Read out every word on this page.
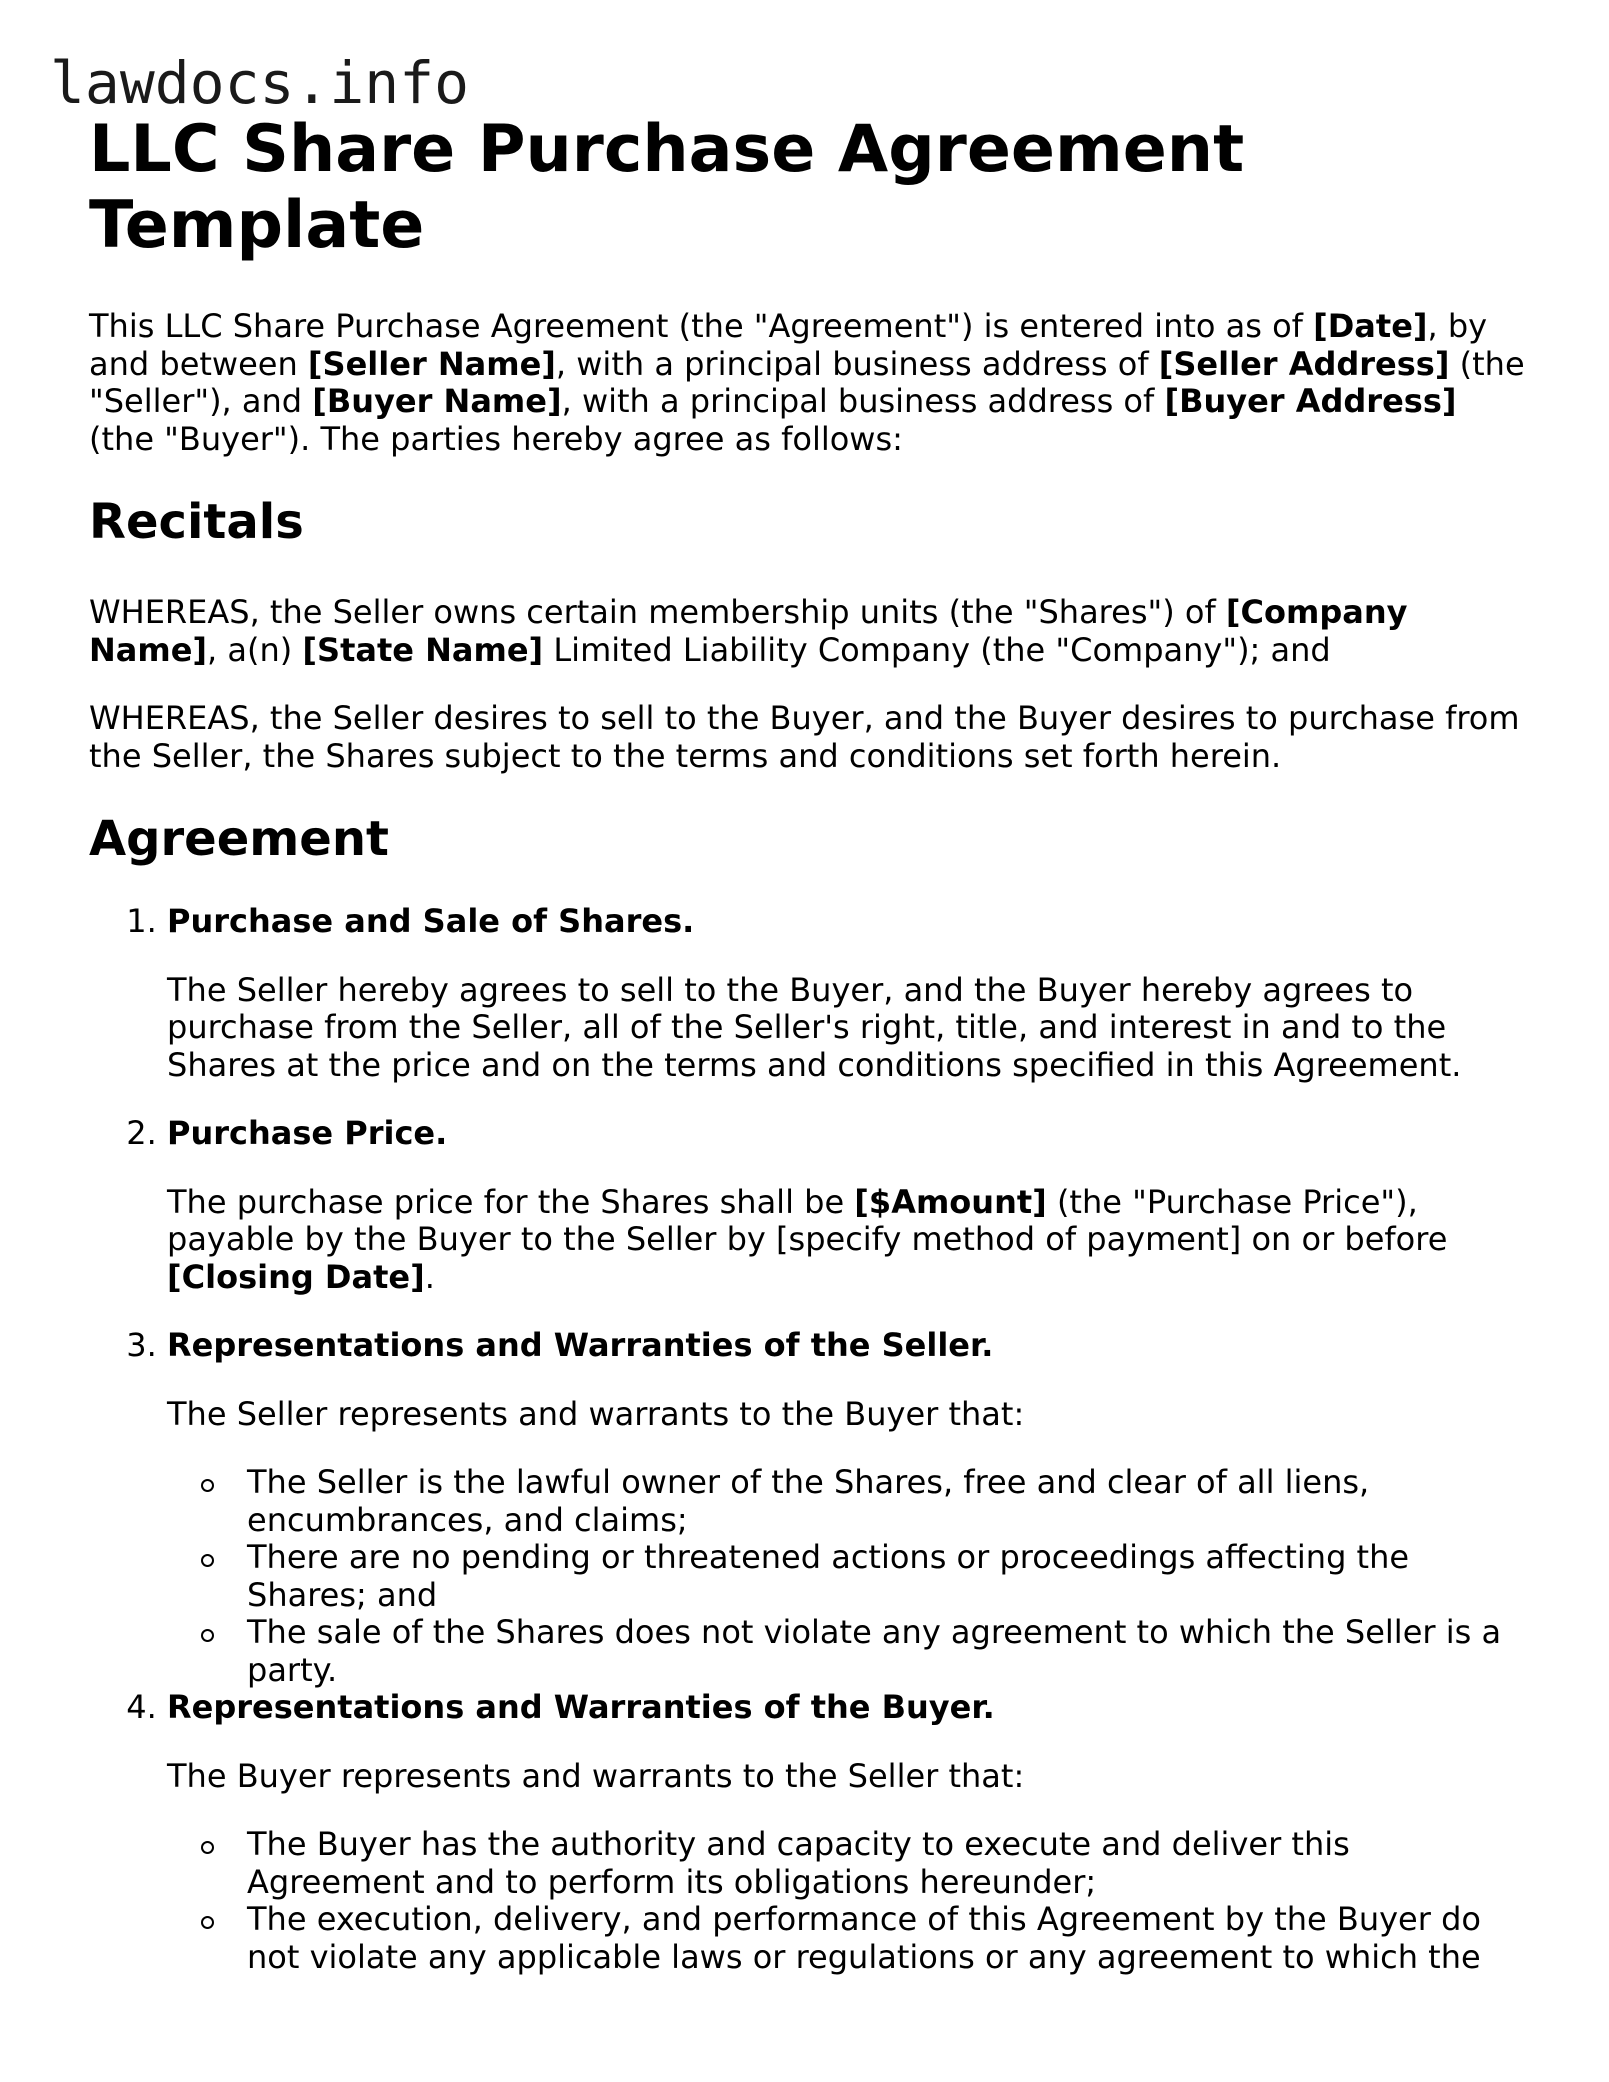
lawdocs.info
LLC Share Purchase Agreement Template

This LLC Share Purchase Agreement (the "Agreement") is entered into as of [Date], by and between [Seller Name], with a principal business address of [Seller Address] (the "Seller"), and [Buyer Name], with a principal business address of [Buyer Address] (the "Buyer"). The parties hereby agree as follows:

Recitals

WHEREAS, the Seller owns certain membership units (the "Shares") of [Company Name], a(n) [State Name] Limited Liability Company (the "Company"); and

WHEREAS, the Seller desires to sell to the Buyer, and the Buyer desires to purchase from the Seller, the Shares subject to the terms and conditions set forth herein.

Agreement
1. Purchase and Sale of Shares.

The Seller hereby agrees to sell to the Buyer, and the Buyer hereby agrees to purchase from the Seller, all of the Seller's right, title, and interest in and to the Shares at the price and on the terms and conditions specified in this Agreement.

2. Purchase Price.

The purchase price for the Shares shall be [$Amount] (the "Purchase Price"), payable by the Buyer to the Seller by [specify method of payment] on or before [Closing Date].

3. Representations and Warranties of the Seller.

The Seller represents and warrants to the Buyer that:

The Seller is the lawful owner of the Shares, free and clear of all liens, encumbrances, and claims;
There are no pending or threatened actions or proceedings affecting the Shares; and
The sale of the Shares does not violate any agreement to which the Seller is a party.
4. Representations and Warranties of the Buyer.

The Buyer represents and warrants to the Seller that:

The Buyer has the authority and capacity to execute and deliver this Agreement and to perform its obligations hereunder;
The execution, delivery, and performance of this Agreement by the Buyer do not violate any applicable laws or regulations or any agreement to which the
